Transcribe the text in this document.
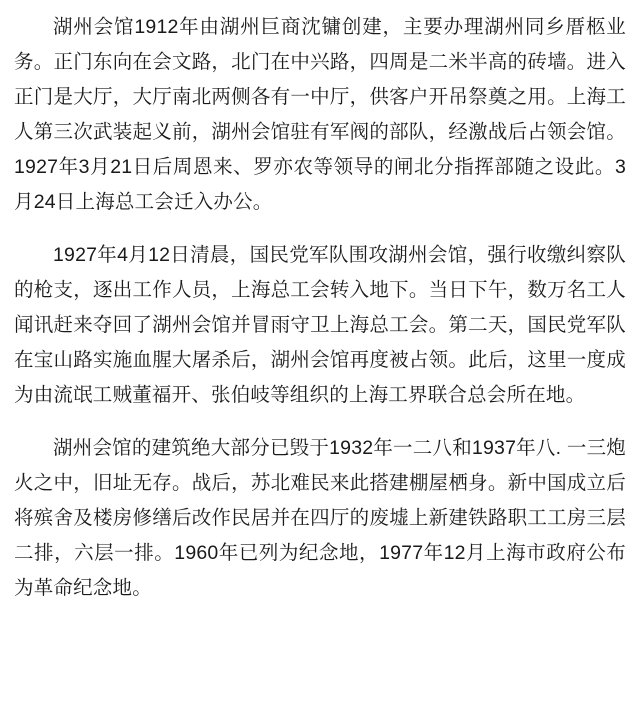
湖州会馆1912年由湖州巨商沈镛创建，主要办理湖州同乡厝柩业务。正门东向在会文路，北门在中兴路，四周是二米半高的砖墙。进入正门是大厅，大厅南北两侧各有一中厅，供客户开吊祭奠之用。上海工人第三次武装起义前，湖州会馆驻有军阀的部队，经激战后占领会馆。1927年3月21日后周恩来、罗亦农等领导的闸北分指挥部随之设此。3月24日上海总工会迁入办公。

1927年4月12日清晨，国民党军队围攻湖州会馆，强行收缴纠察队的枪支，逐出工作人员，上海总工会转入地下。当日下午，数万名工人闻讯赶来夺回了湖州会馆并冒雨守卫上海总工会。第二天，国民党军队在宝山路实施血腥大屠杀后，湖州会馆再度被占领。此后，这里一度成为由流氓工贼董福开、张伯岐等组织的上海工界联合总会所在地。

湖州会馆的建筑绝大部分已毁于1932年一二八和1937年八. 一三炮火之中，旧址无存。战后，苏北难民来此搭建棚屋栖身。新中国成立后将殡舍及楼房修缮后改作民居并在四厅的废墟上新建铁路职工工房三层二排，六层一排。1960年已列为纪念地，1977年12月上海市政府公布为革命纪念地。
